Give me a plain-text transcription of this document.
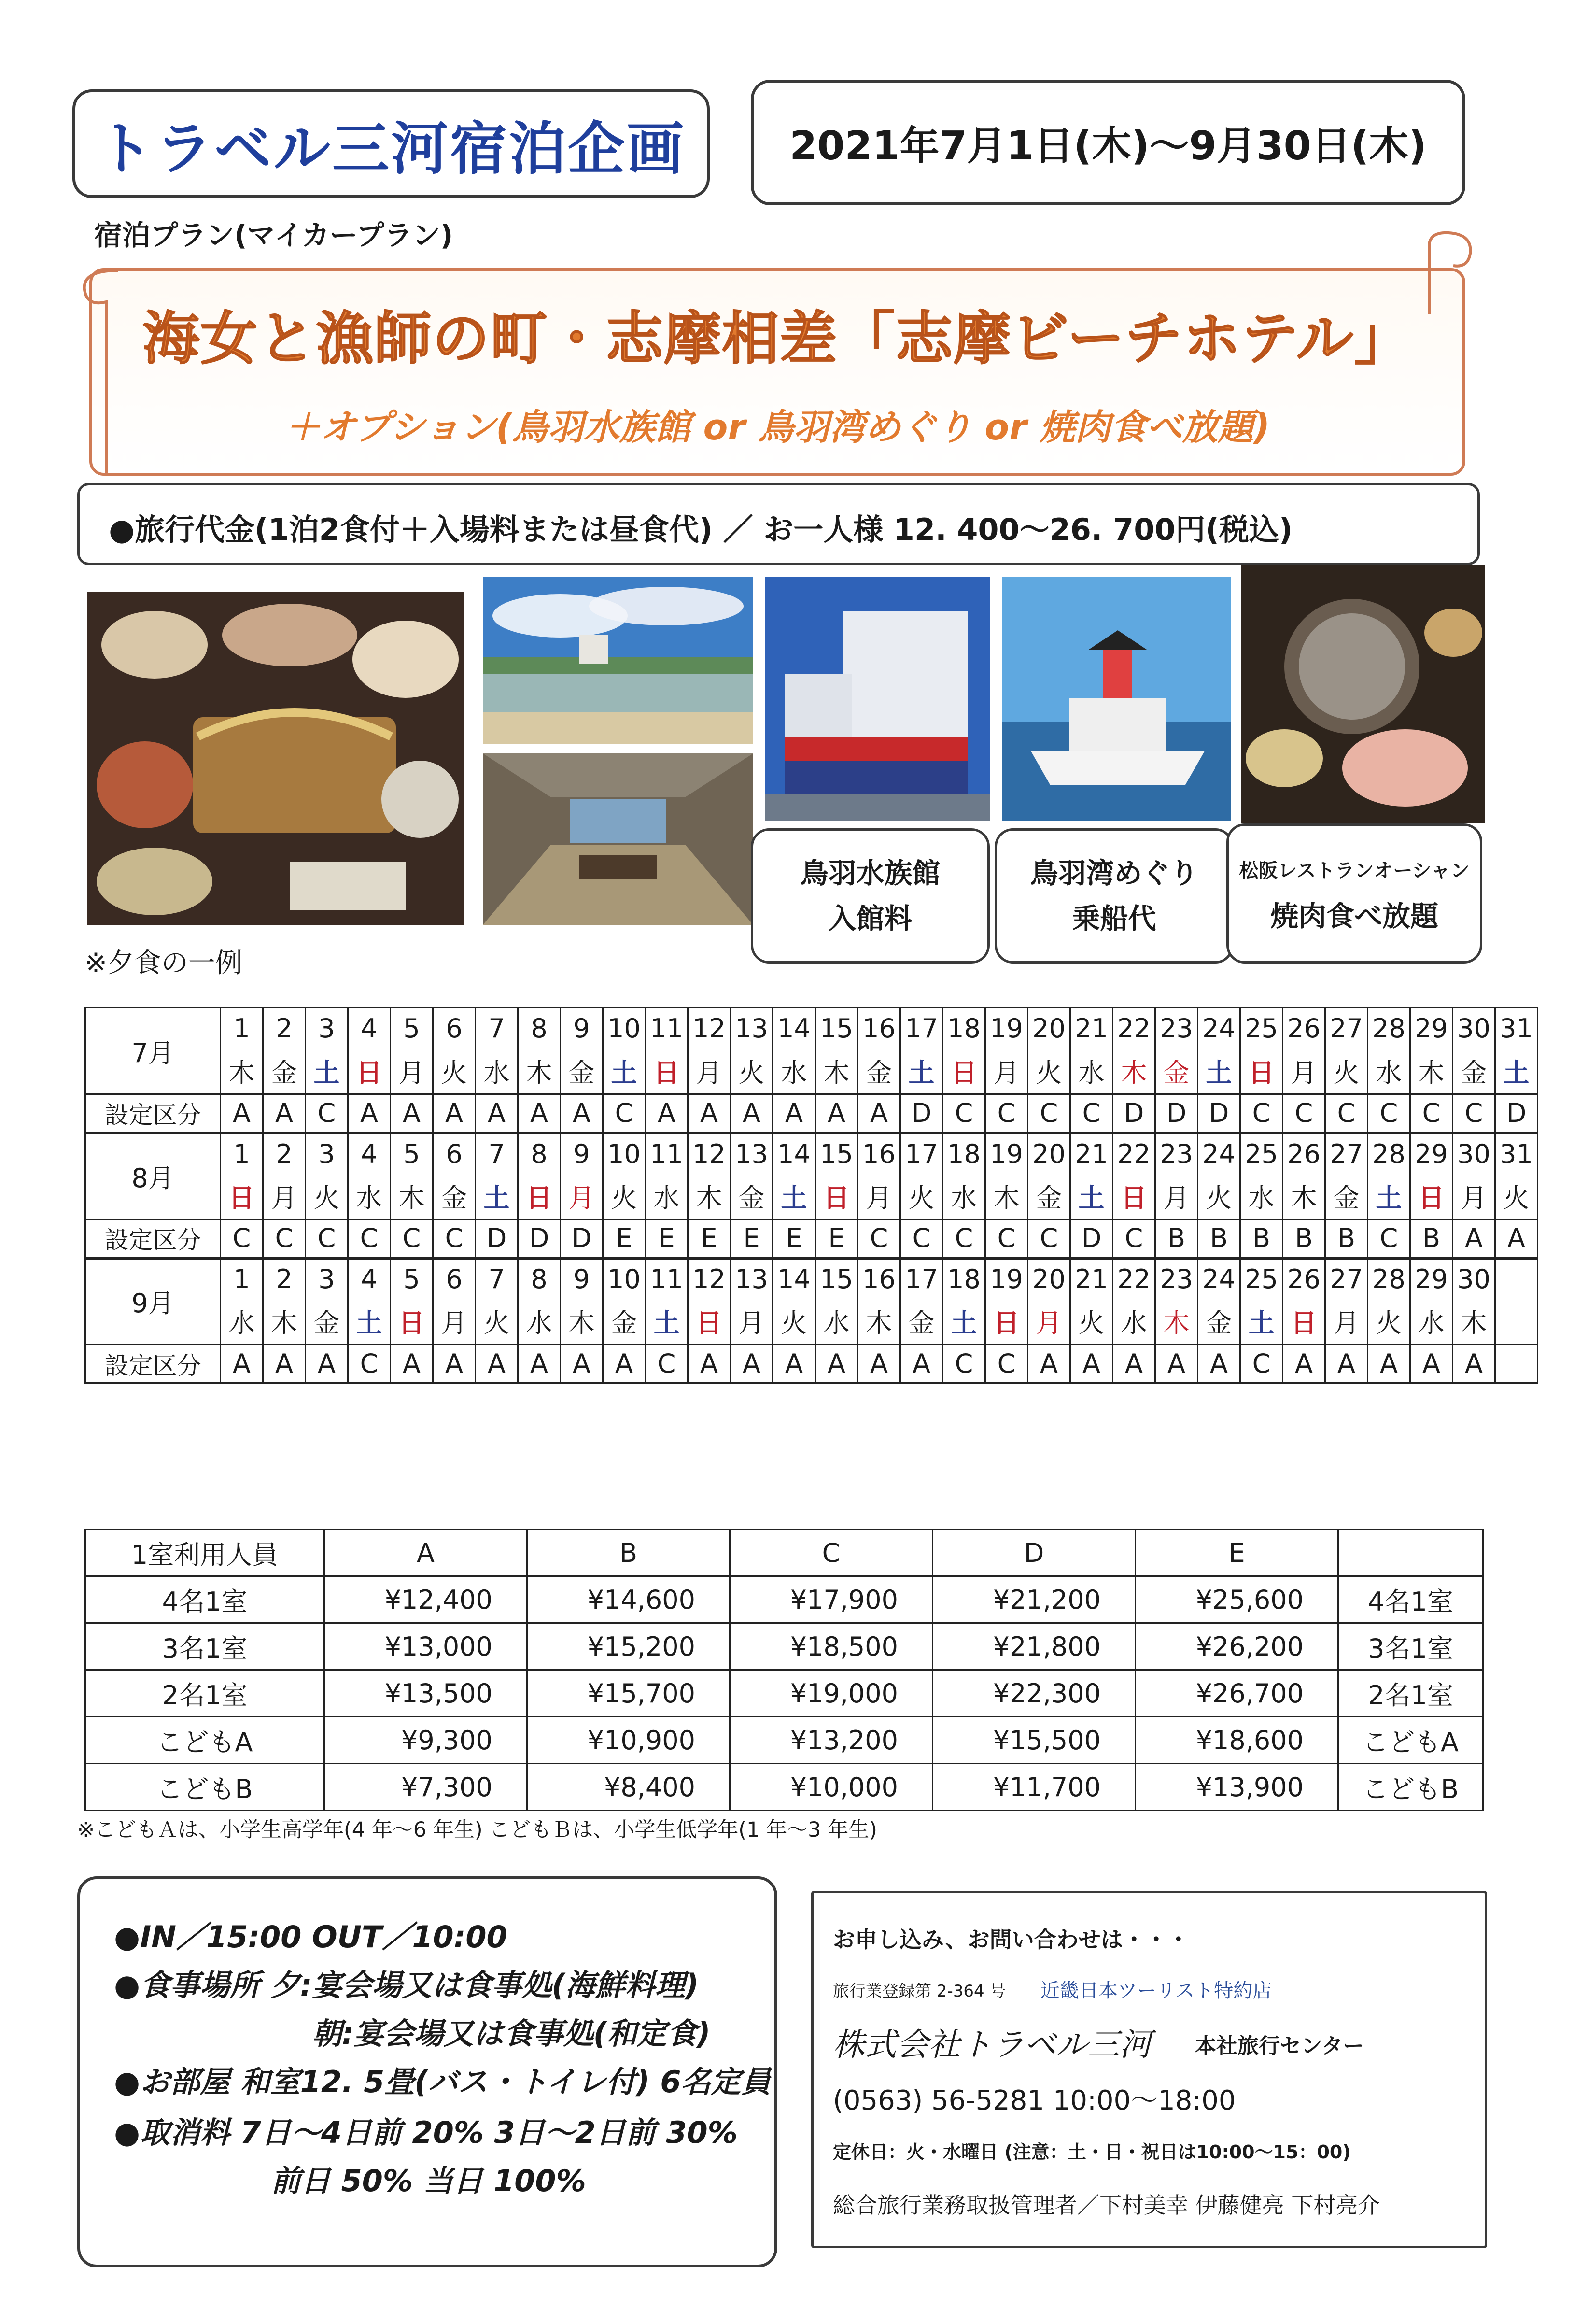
トラベル三河宿泊企画	2021年7月1日(木)〜9月30日(木)
宿泊プラン(マイカープラン)
海女と漁師の町・志摩相差「志摩ビーチホテル」
＋オプション(鳥羽水族館 or 鳥羽湾めぐり or 焼肉食べ放題)
●旅行代金(1泊2食付＋入場料または昼食代) ／ お一人様 12. 400〜26. 700円(税込)
鳥羽水族館
入館料
鳥羽湾めぐり
乗船代
松阪レストランオーシャン
焼肉食べ放題
※夕食の一例
7月	1	2	3	4	5	6	7	8	9	10	11	12	13	14	15	16	17	18	19	20	21	22	23	24	25	26	27	28	29	30	31
	木	金	土	日	月	火	水	木	金	土	日	月	火	水	木	金	土	日	月	火	水	木	金	土	日	月	火	水	木	金	土
設定区分	A	A	C	A	A	A	A	A	A	C	A	A	A	A	A	A	D	C	C	C	C	D	D	D	C	C	C	C	C	C	D
8月	1	2	3	4	5	6	7	8	9	10	11	12	13	14	15	16	17	18	19	20	21	22	23	24	25	26	27	28	29	30	31
	日	月	火	水	木	金	土	日	月	火	水	木	金	土	日	月	火	水	木	金	土	日	月	火	水	木	金	土	日	月	火
設定区分	C	C	C	C	C	C	D	D	D	E	E	E	E	E	E	C	C	C	C	C	D	C	B	B	B	B	B	C	B	A	A
9月	1	2	3	4	5	6	7	8	9	10	11	12	13	14	15	16	17	18	19	20	21	22	23	24	25	26	27	28	29	30	
	水	木	金	土	日	月	火	水	木	金	土	日	月	火	水	木	金	土	日	月	火	水	木	金	土	日	月	火	水	木	
設定区分	A	A	A	C	A	A	A	A	A	A	C	A	A	A	A	A	A	C	C	A	A	A	A	A	C	A	A	A	A	A	
1室利用人員	A	B	C	D	E	
4名1室	¥12,400	¥14,600	¥17,900	¥21,200	¥25,600	4名1室
3名1室	¥13,000	¥15,200	¥18,500	¥21,800	¥26,200	3名1室
2名1室	¥13,500	¥15,700	¥19,000	¥22,300	¥26,700	2名1室
こどもA	¥9,300	¥10,900	¥13,200	¥15,500	¥18,600	こどもA
こどもB	¥7,300	¥8,400	¥10,000	¥11,700	¥13,900	こどもB
※こどもＡは、小学生高学年(4 年〜6 年生) こどもＢは、小学生低学年(1 年〜3 年生)
●IN／15:00 OUT／10:00
●食事場所 夕:宴会場又は食事処(海鮮料理)
朝:宴会場又は食事処(和定食)
●お部屋 和室12. 5畳(バス・トイレ付) 6名定員
●取消料 7日〜4日前 20% 3日〜2日前 30%
前日 50% 当日 100%
お申し込み、お問い合わせは・・・
旅行業登録第 2-364 号 近畿日本ツーリスト特約店
株式会社トラベル三河 本社旅行センター
(0563) 56-5281 10:00〜18:00
定休日：火・水曜日 (注意：土・日・祝日は10:00〜15：00)
総合旅行業務取扱管理者／下村美幸 伊藤健亮 下村亮介
